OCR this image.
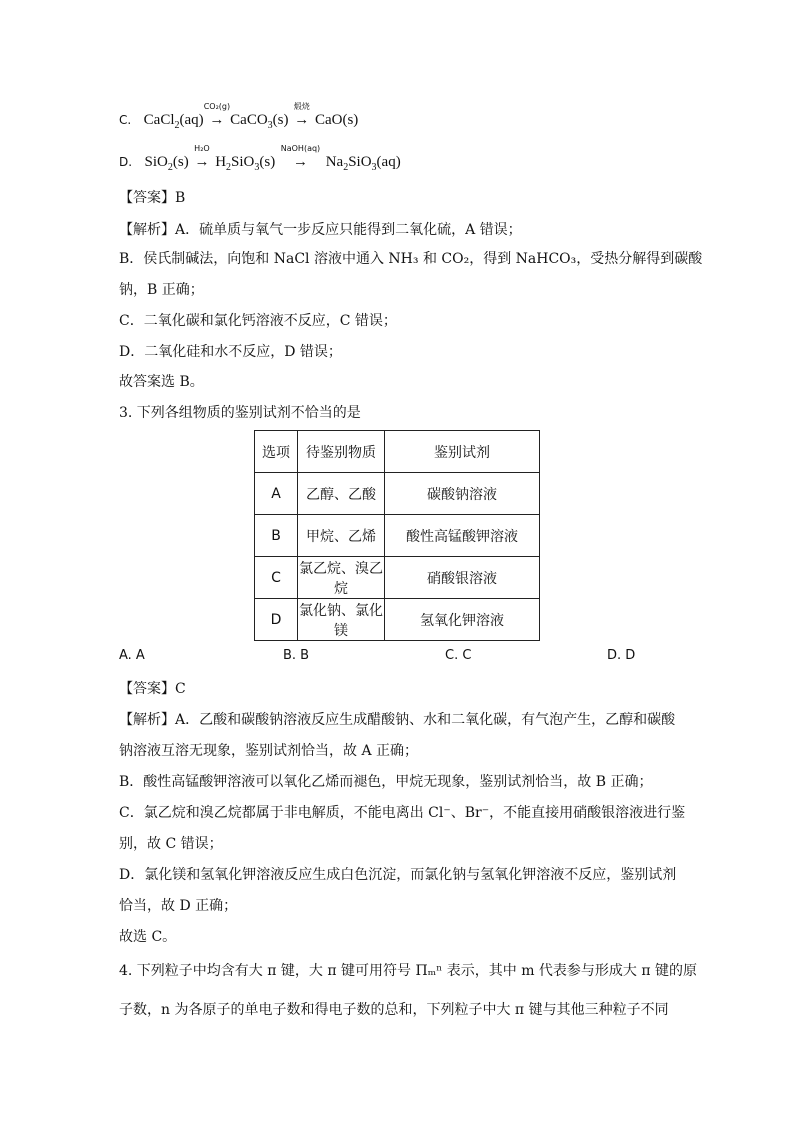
C. CaCl$_2$(aq)
CO₂(g)
→ CaCO$_3$(s)
煅烧
→ CaO(s)
D. SiO$_2$(s)
H₂O
→ $H_2SiO_3(s)$
NaOH(aq)
→ $Na_2SiO_3(aq)$
【答案】B
【解析】A．硫单质与氧气一步反应只能得到二氧化硫，A 错误；
B．侯氏制碱法，向饱和 NaCl 溶液中通入 NH₃ 和 CO₂，得到 NaHCO₃，受热分解得到碳酸
钠，B 正确；
C．二氧化碳和氯化钙溶液不反应，C 错误；
D．二氧化硅和水不反应，D 错误；
故答案选 B。
3. 下列各组物质的鉴别试剂不恰当的是
选项	待鉴别物质	鉴别试剂
A	乙醇、乙酸	碳酸钠溶液
B	甲烷、乙烯	酸性高锰酸钾溶液
C	氯乙烷、溴乙烷	硝酸银溶液
D	氯化钠、氯化镁	氢氧化钾溶液
A. A	B. B	C. C	D. D
【答案】C
【解析】A．乙酸和碳酸钠溶液反应生成醋酸钠、水和二氧化碳，有气泡产生，乙醇和碳酸
钠溶液互溶无现象，鉴别试剂恰当，故 A 正确；
B．酸性高锰酸钾溶液可以氧化乙烯而褪色，甲烷无现象，鉴别试剂恰当，故 B 正确；
C．氯乙烷和溴乙烷都属于非电解质，不能电离出 Cl⁻、Br⁻，不能直接用硝酸银溶液进行鉴
别，故 C 错误；
D．氯化镁和氢氧化钾溶液反应生成白色沉淀，而氯化钠与氢氧化钾溶液不反应，鉴别试剂
恰当，故 D 正确；
故选 C。
4. 下列粒子中均含有大 π 键，大 π 键可用符号 Πₘⁿ 表示，其中 m 代表参与形成大 π 键的原
子数，n 为各原子的单电子数和得电子数的总和，下列粒子中大 π 键与其他三种粒子不同
